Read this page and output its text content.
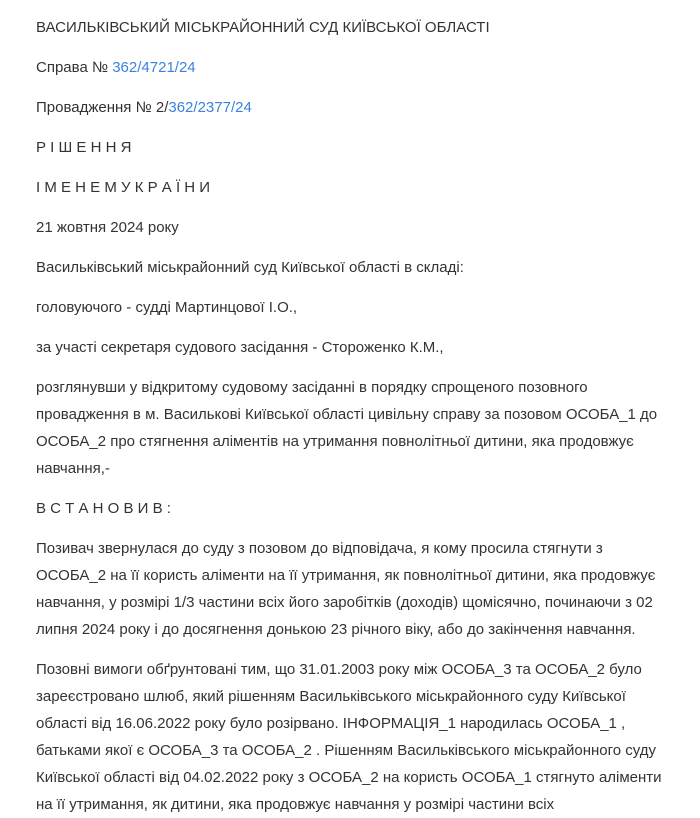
ВАСИЛЬКІВСЬКИЙ МІСЬКРАЙОННИЙ СУД КИЇВСЬКОЇ ОБЛАСТІ

Справа № 362/4721/24

Провадження № 2/362/2377/24

Р І Ш Е Н Н Я

І М Е Н Е М У К Р А Ї Н И

21 жовтня 2024 року

Васильківський міськрайонний суд Київської області в складі:

головуючого - судді Мартинцової І.О.,

за участі секретаря судового засідання - Стороженко К.М.,

розглянувши у відкритому судовому засіданні в порядку спрощеного позовного провадження в м. Василькові Київської області цивільну справу за позовом ОСОБА_1 до ОСОБА_2 про стягнення аліментів на утримання повнолітньої дитини, яка продовжує навчання,-

В С Т А Н О В И В :

Позивач звернулася до суду з позовом до відповідача, я кому просила стягнути з ОСОБА_2 на її користь аліменти на її утримання, як повнолітньої дитини, яка продовжує навчання, у розмірі 1/3 частини всіх його заробітків (доходів) щомісячно, починаючи з 02 липня 2024 року і до досягнення донькою 23 річного віку, або до закінчення навчання.

Позовні вимоги обґрунтовані тим, що 31.01.2003 року між ОСОБА_3 та ОСОБА_2 було зареєстровано шлюб, який рішенням Васильківського міськрайонного суду Київської області від 16.06.2022 року було розірвано. ІНФОРМАЦІЯ_1 народилась ОСОБА_1 , батьками якої є ОСОБА_3 та ОСОБА_2 . Рішенням Васильківського міськрайонного суду Київської області від 04.02.2022 року з ОСОБА_2 на користь ОСОБА_1 стягнуто аліменти на її утримання, як дитини, яка продовжує навчання у розмірі частини всіх
